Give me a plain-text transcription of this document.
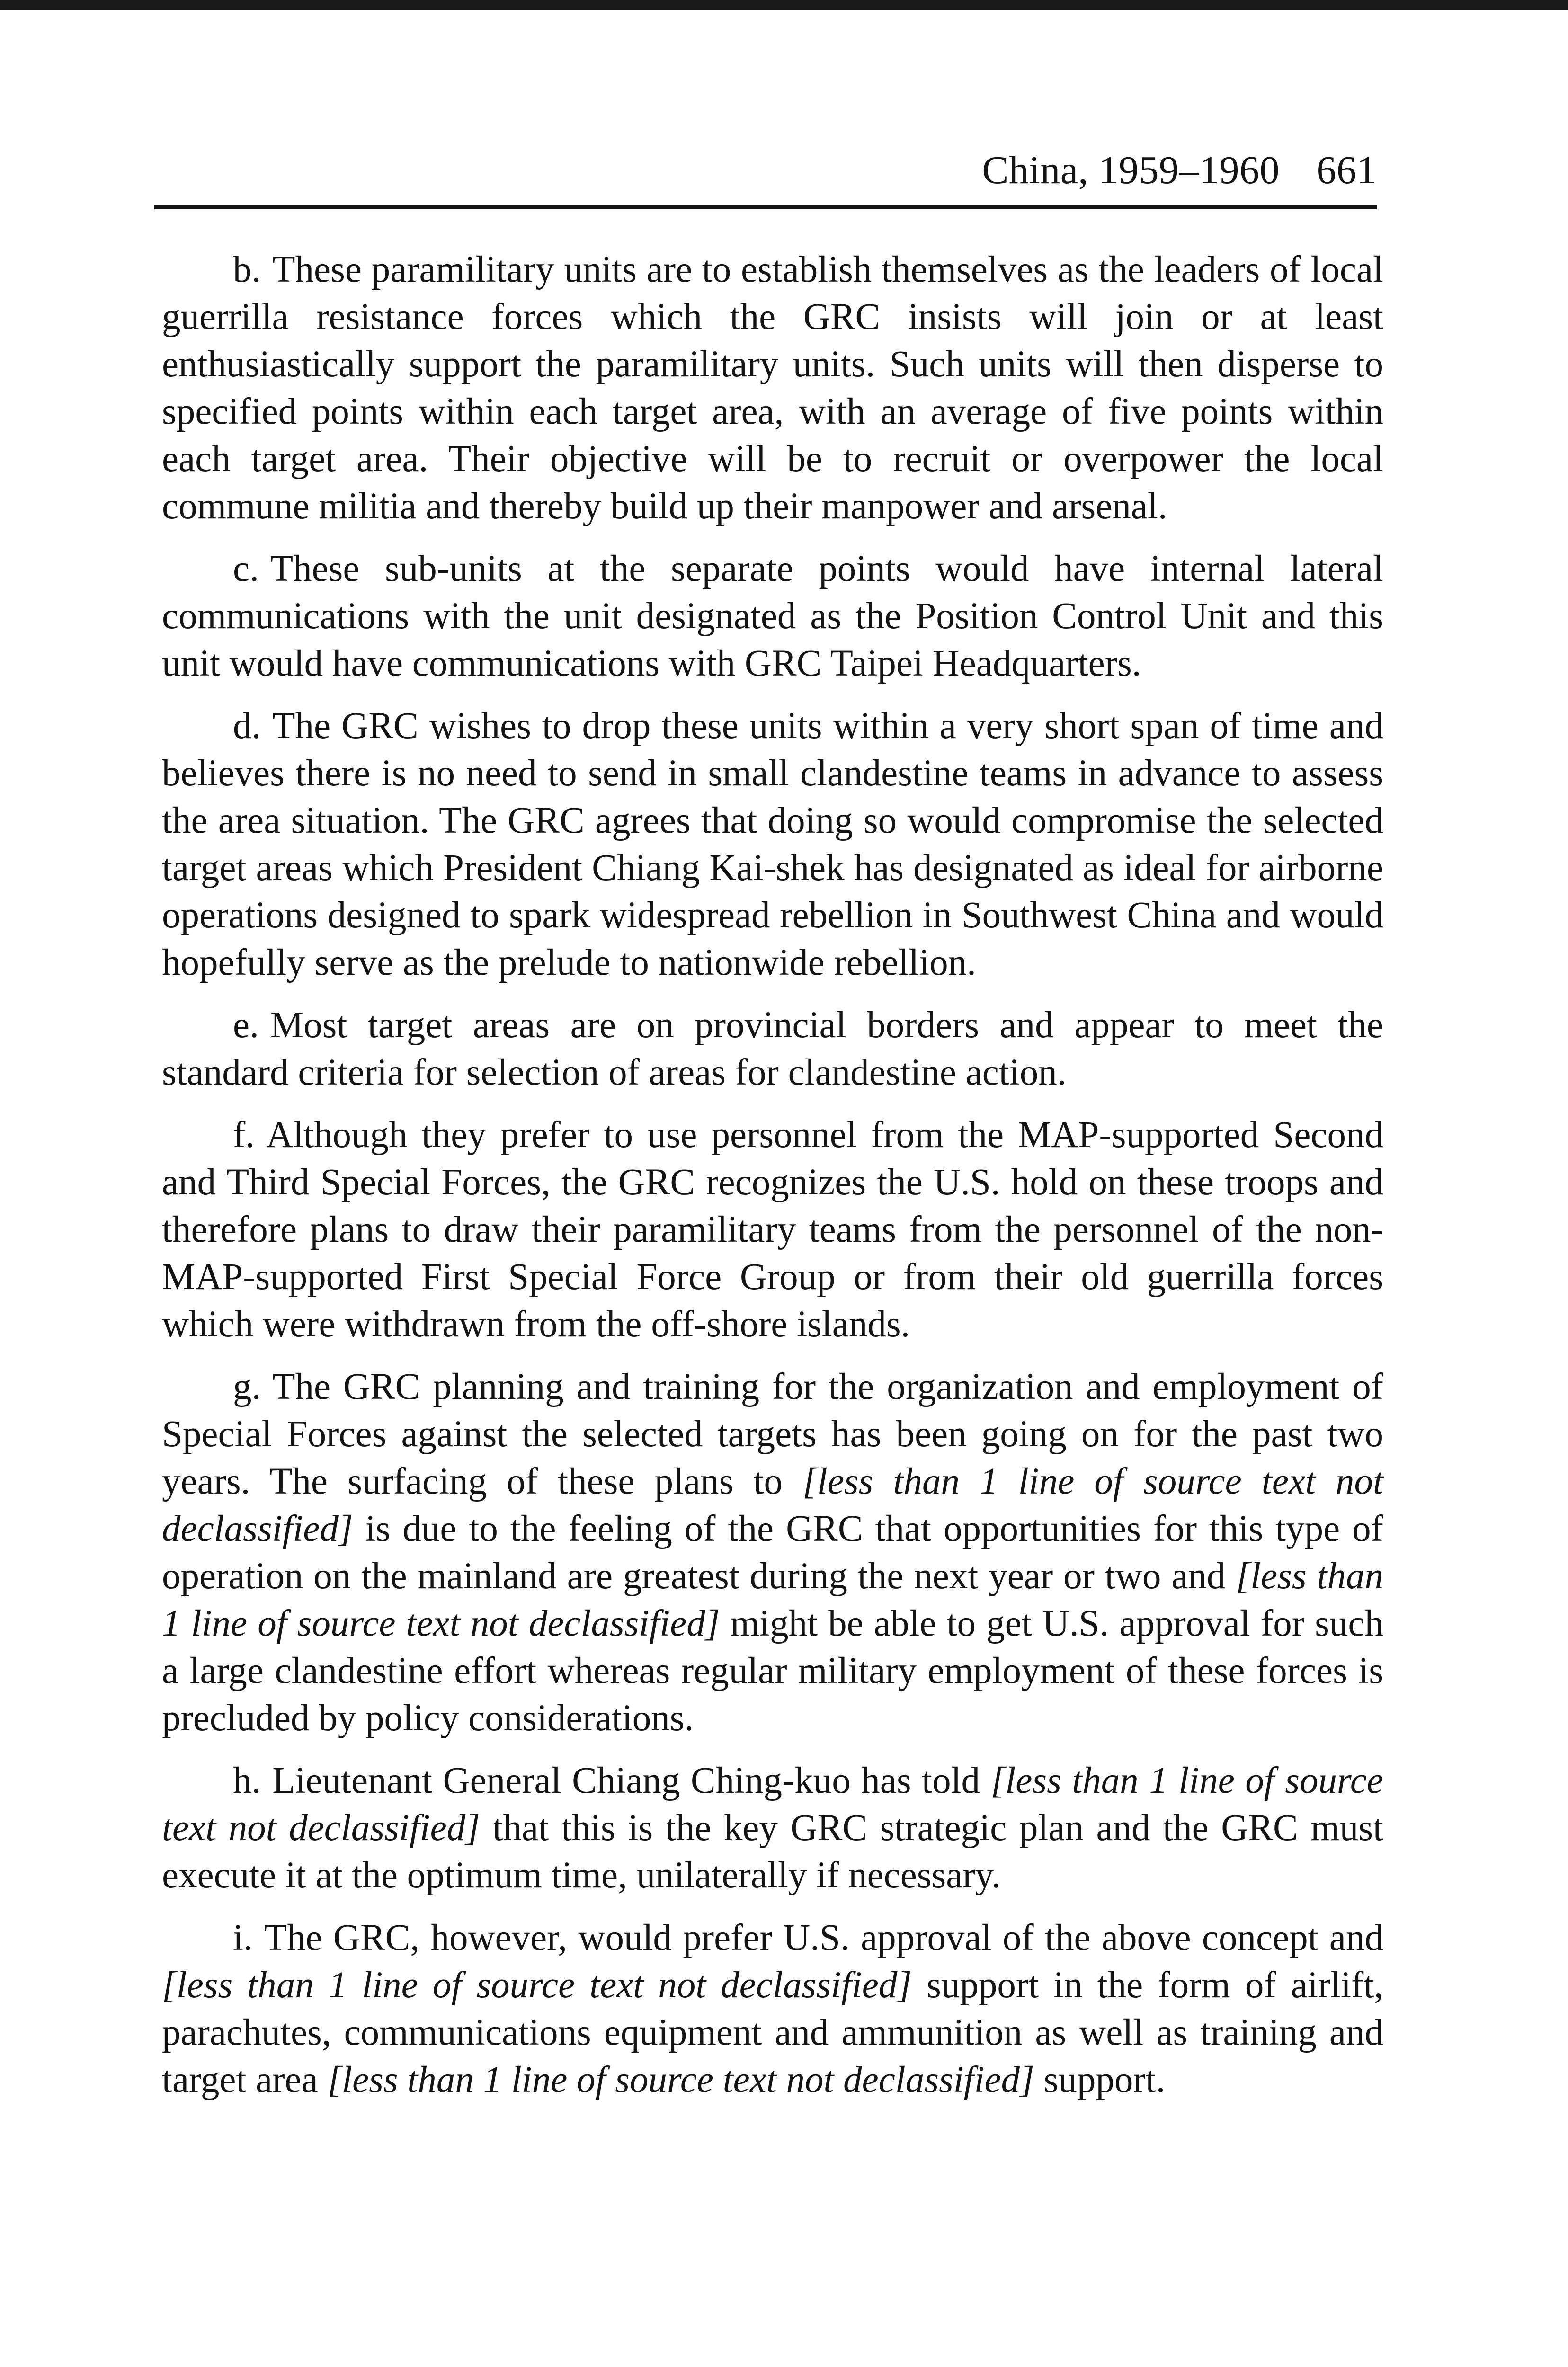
China, 1959–1960 661

b. These paramilitary units are to establish themselves as the leaders of local guerrilla resistance forces which the GRC insists will join or at least enthusiastically support the paramilitary units. Such units will then disperse to specified points within each target area, with an average of five points within each target area. Their objective will be to recruit or overpower the local commune militia and thereby build up their manpower and arsenal.

c. These sub-units at the separate points would have internal lateral communications with the unit designated as the Position Control Unit and this unit would have communications with GRC Taipei Headquarters.

d. The GRC wishes to drop these units within a very short span of time and believes there is no need to send in small clandestine teams in advance to assess the area situation. The GRC agrees that doing so would compromise the selected target areas which President Chiang Kai-shek has designated as ideal for airborne operations designed to spark widespread rebellion in Southwest China and would hopefully serve as the prelude to nationwide rebellion.

e. Most target areas are on provincial borders and appear to meet the standard criteria for selection of areas for clandestine action.

f. Although they prefer to use personnel from the MAP-supported Second and Third Special Forces, the GRC recognizes the U.S. hold on these troops and therefore plans to draw their paramilitary teams from the personnel of the non-MAP-supported First Special Force Group or from their old guerrilla forces which were withdrawn from the off-shore islands.

g. The GRC planning and training for the organization and employment of Special Forces against the selected targets has been going on for the past two years. The surfacing of these plans to [less than 1 line of source text not declassified] is due to the feeling of the GRC that opportunities for this type of operation on the mainland are greatest during the next year or two and [less than 1 line of source text not declassified] might be able to get U.S. approval for such a large clandestine effort whereas regular military employment of these forces is precluded by policy considerations.

h. Lieutenant General Chiang Ching-kuo has told [less than 1 line of source text not declassified] that this is the key GRC strategic plan and the GRC must execute it at the optimum time, unilaterally if necessary.

i. The GRC, however, would prefer U.S. approval of the above concept and [less than 1 line of source text not declassified] support in the form of airlift, parachutes, communications equipment and ammunition as well as training and target area [less than 1 line of source text not declassified] support.
